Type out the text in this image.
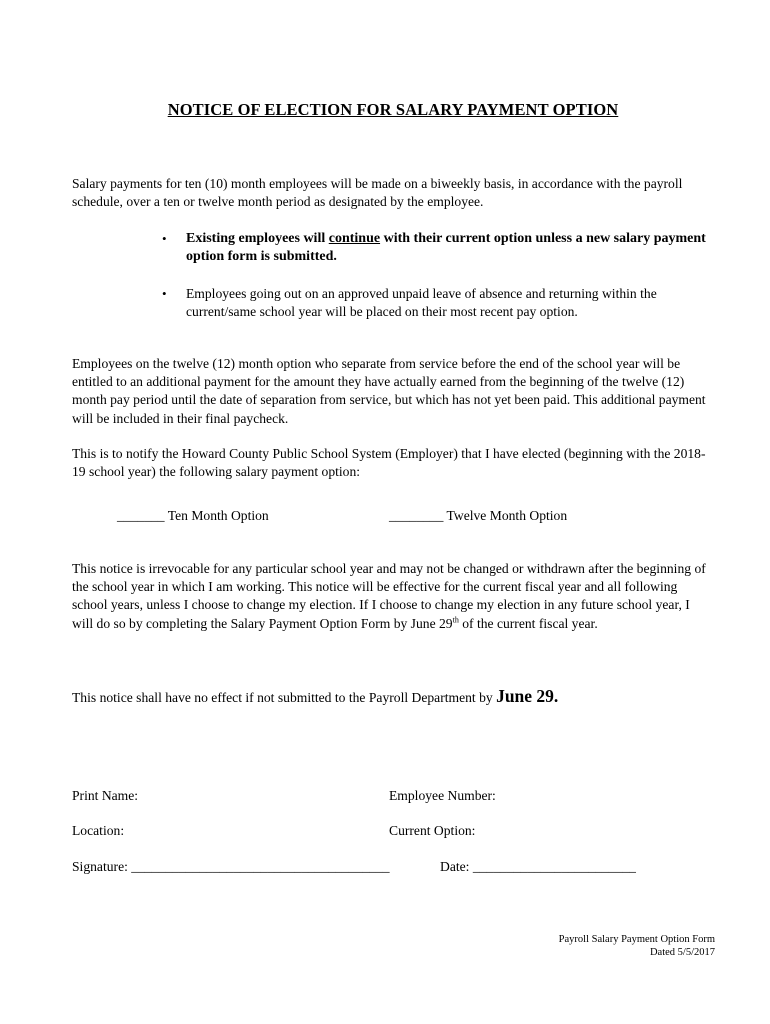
NOTICE OF ELECTION FOR SALARY PAYMENT OPTION
Salary payments for ten (10) month employees will be made on a biweekly basis, in accordance with the payroll schedule, over a ten or twelve month period as designated by the employee.
• Existing employees will continue with their current option unless a new salary payment option form is submitted.
• Employees going out on an approved unpaid leave of absence and returning within the current/same school year will be placed on their most recent pay option.
Employees on the twelve (12) month option who separate from service before the end of the school year will be entitled to an additional payment for the amount they have actually earned from the beginning of the twelve (12) month pay period until the date of separation from service, but which has not yet been paid. This additional payment will be included in their final paycheck.
This is to notify the Howard County Public School System (Employer) that I have elected (beginning with the 2018-19 school year) the following salary payment option:
_______ Ten Month Option	________ Twelve Month Option
This notice is irrevocable for any particular school year and may not be changed or withdrawn after the beginning of the school year in which I am working. This notice will be effective for the current fiscal year and all following school years, unless I choose to change my election. If I choose to change my election in any future school year, I will do so by completing the Salary Payment Option Form by June 29th of the current fiscal year.
This notice shall have no effect if not submitted to the Payroll Department by June 29.
Print Name:	Employee Number:
Location:	Current Option:
Signature: ______________________________________	Date: ________________________
Payroll Salary Payment Option Form
Dated 5/5/2017
